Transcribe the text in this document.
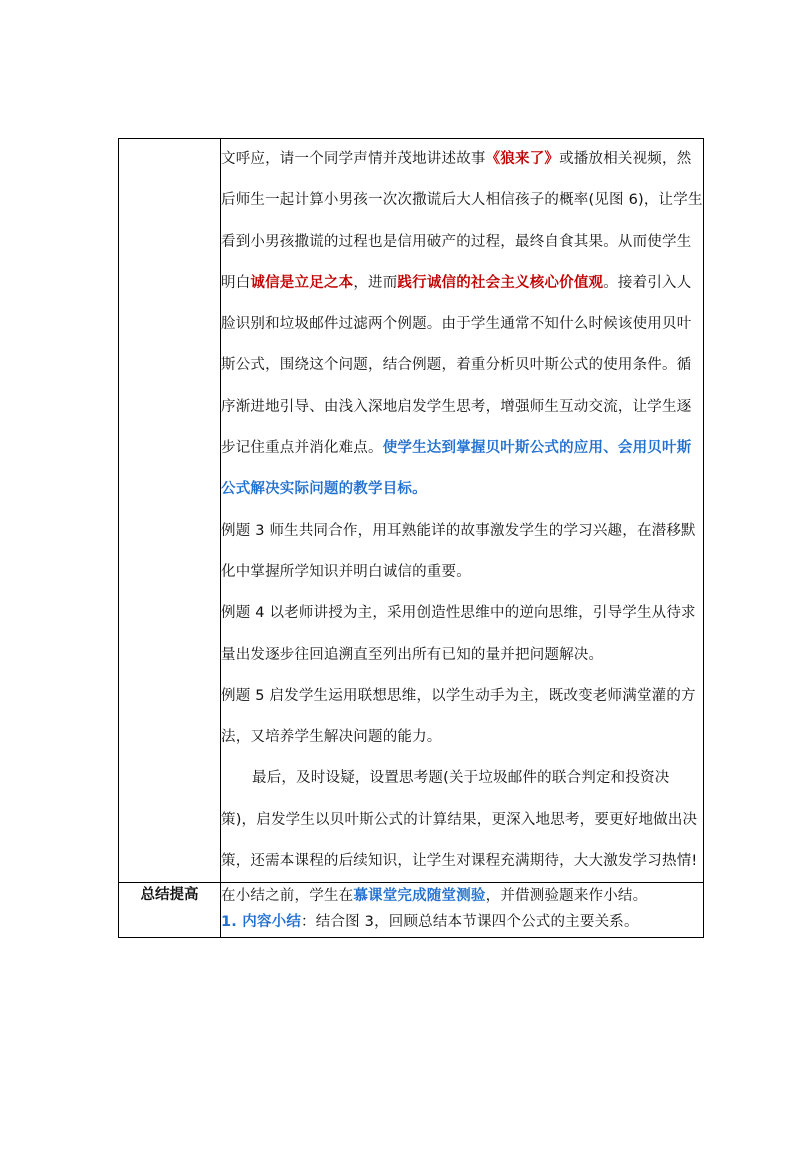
	文呼应，请一个同学声情并茂地讲述故事《狼来了》或播放相关视频，然后师生一起计算小男孩一次次撒谎后大人相信孩子的概率(见图 6)，让学生看到小男孩撒谎的过程也是信用破产的过程，最终自食其果。从而使学生明白诚信是立足之本，进而践行诚信的社会主义核心价值观。接着引入人脸识别和垃圾邮件过滤两个例题。由于学生通常不知什么时候该使用贝叶斯公式，围绕这个问题，结合例题，着重分析贝叶斯公式的使用条件。循序渐进地引导、由浅入深地启发学生思考，增强师生互动交流，让学生逐步记住重点并消化难点。使学生达到掌握贝叶斯公式的应用、会用贝叶斯公式解决实际问题的教学目标。

例题 3 师生共同合作，用耳熟能详的故事激发学生的学习兴趣，在潜移默化中掌握所学知识并明白诚信的重要。

例题 4 以老师讲授为主，采用创造性思维中的逆向思维，引导学生从待求量出发逐步往回追溯直至列出所有已知的量并把问题解决。

例题 5 启发学生运用联想思维，以学生动手为主，既改变老师满堂灌的方法，又培养学生解决问题的能力。

最后，及时设疑，设置思考题(关于垃圾邮件的联合判定和投资决策)，启发学生以贝叶斯公式的计算结果，更深入地思考，要更好地做出决策，还需本课程的后续知识，让学生对课程充满期待，大大激发学习热情!

总结提高	在小结之前，学生在慕课堂完成随堂测验，并借测验题来作小结。

1. 内容小结：结合图 3，回顾总结本节课四个公式的主要关系。
